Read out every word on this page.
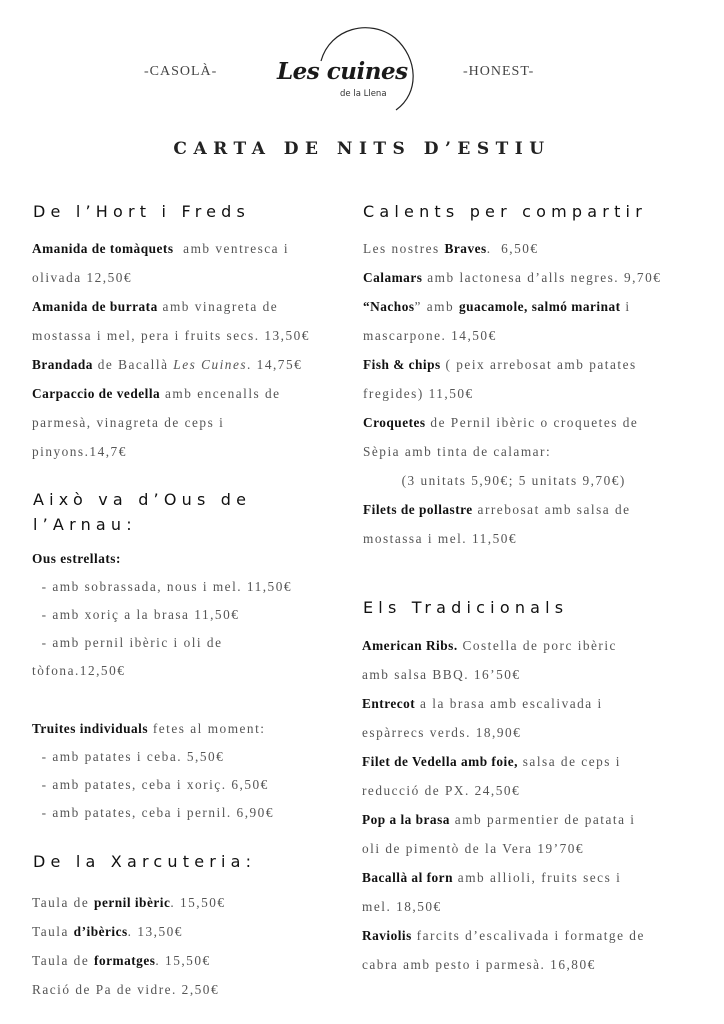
-CASOLÀ-	-HONEST-
Les cuines
de la Llena
CARTA DE NITS D’ESTIU
De l’Hort i Freds
Amanida de tomàquets  amb ventresca i
olivada 12,50€
Amanida de burrata amb vinagreta de
mostassa i mel, pera i fruits secs. 13,50€
Brandada de Bacallà Les Cuines. 14,75€
Carpaccio de vedella amb encenalls de
parmesà, vinagreta de ceps i
pinyons.14,7€
Això va d’Ous de
l’Arnau:
Ous estrellats:
- amb sobrassada, nous i mel. 11,50€
- amb xoriç a la brasa 11,50€
- amb pernil ibèric i oli de
tòfona.12,50€
Truites individuals fetes al moment:
- amb patates i ceba. 5,50€
- amb patates, ceba i xoriç. 6,50€
- amb patates, ceba i pernil. 6,90€
De la Xarcuteria:
Taula de pernil ibèric. 15,50€
Taula d’ibèrics. 13,50€
Taula de formatges. 15,50€
Ració de Pa de vidre. 2,50€
Calents per compartir
Les nostres Braves.  6,50€
Calamars amb lactonesa d’alls negres. 9,70€
“Nachos” amb guacamole, salmó marinat i
mascarpone. 14,50€
Fish & chips ( peix arrebosat amb patates
fregides) 11,50€
Croquetes de Pernil ibèric o croquetes de
Sèpia amb tinta de calamar:
(3 unitats 5,90€; 5 unitats 9,70€)
Filets de pollastre arrebosat amb salsa de
mostassa i mel. 11,50€
Els Tradicionals
American Ribs. Costella de porc ibèric
amb salsa BBQ. 16’50€
Entrecot a la brasa amb escalivada i
espàrrecs verds. 18,90€
Filet de Vedella amb foie, salsa de ceps i
reducció de PX. 24,50€
Pop a la brasa amb parmentier de patata i
oli de pimentò de la Vera 19’70€
Bacallà al forn amb allioli, fruits secs i
mel. 18,50€
Raviolis farcits d’escalivada i formatge de
cabra amb pesto i parmesà. 16,80€
